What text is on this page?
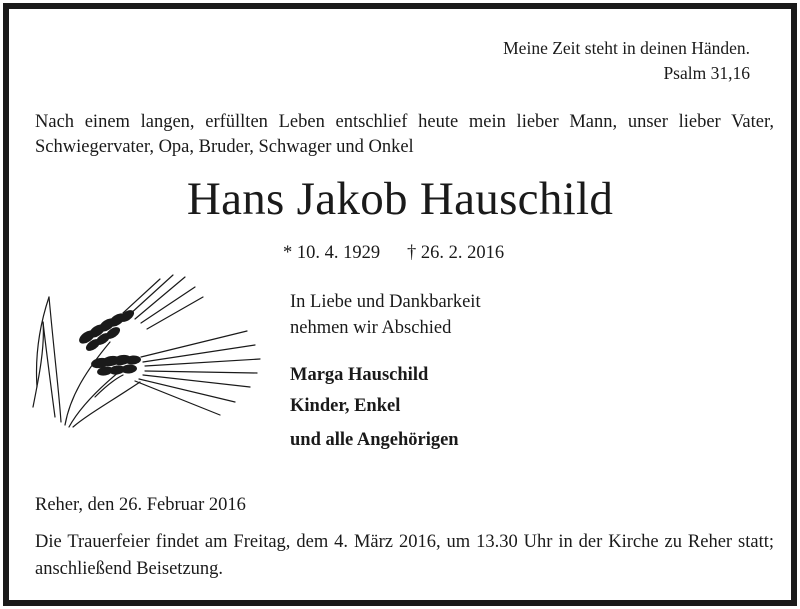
Meine Zeit steht in deinen Händen.
Psalm 31,16
Nach einem langen, erfüllten Leben entschlief heute mein lieber Mann, unser lieber Vater, Schwiegervater, Opa, Bruder, Schwager und Onkel
Hans Jakob Hauschild
* 10. 4. 1929 † 26. 2. 2016
In Liebe und Dankbarkeit
nehmen wir Abschied
Marga Hauschild
Kinder, Enkel
und alle Angehörigen
Reher, den 26. Februar 2016
Die Trauerfeier findet am Freitag, dem 4. März 2016, um 13.30 Uhr in der Kirche zu Reher statt; anschließend Beisetzung.
